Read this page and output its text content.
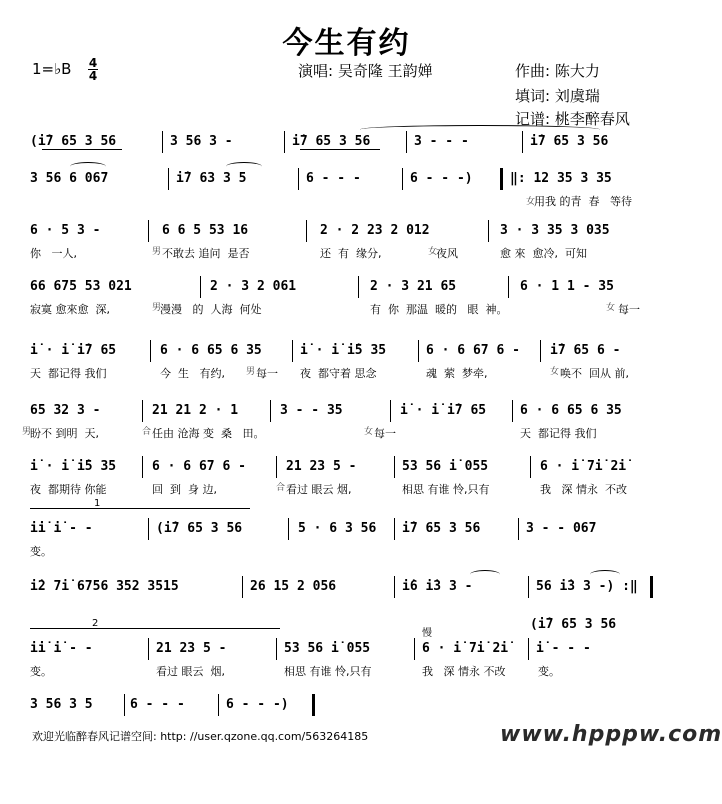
今生有约
1=♭B 4
4	演唱: 吴奇隆 王韵婵	作曲: 陈大力
填词: 刘虞瑞
记谱: 桃李醉春风

(i̇7 65 3 56

	3 56 3 -

	i̇7 65 3 56

	3 - - -

	i̇7 65 3 56

3 56 6 067

	i̇7 63 3 5

	6 - - -

	6 - - -)

	‖: 12 35 3 35

女

用我 的青  春   等待

6 · 5 3 -

	6 6 5 53 16

	2 · 2 23 2 012

	3 · 3 35 3 035

你   一人,

	男

不敢去 追问  是否

	还  有  缘分,

	女

夜风

	愈 來  愈冷,  可知

66 675 53 021

	2 · 3 2 061

	2 · 3 21 65

	6 · 1 1 - 35

寂寞 愈來愈  深,

	男

漫漫   的  人海  何处

	有  你  那温  暖的   眼  神。

	女

每一

i̇ · i̇ i̇7 65

	6 · 6 65 6 35

	i̇ · i̇ i̇5 35

	6 · 6 67 6 -

i̇7 65 6 -

天  都记得 我们

	今  生   有约,

男

每一

夜  都守着 思念

	魂  萦  梦牵,

	女

唤不  回从 前,

65 32 3 -

	21 21 2 · 1

	3 - - 35

	i̇ · i̇ i̇7 65

	6 · 6 65 6 35

男

盼不 到明  天,

	合

任由 沧海 变  桑   田。

	女

每一

	天  都记得 我们

i̇ · i̇ i̇5 35

	6 · 6 67 6 -

	21 23 5 -

	53 56 i̇ 055

	6 · i̇ 7i̇ 2i̇

夜  都期待 你能

	回  到  身 边,

	合

看过 眼云 烟,

	相思 有谁 怜,只有

	我   深 情永  不改

1

i̇i̇ i̇ - -

	(i̇7 65 3 56

	5 · 6 3 56

i̇7 65 3 56

	3 - - 067

变。

i̇2 7i̇ 6756 352 3515

	26 15 2 056

	i̇6 i̇3 3 -

	56 i̇3 3 -) :‖

2
慢

i̇i̇ i̇ - -

	21 23 5 -

	53 56 i̇ 055

	6 · i̇ 7i̇ 2i̇

i̇ - - -

(i̇7 65 3 56

变。

	看过 眼云  烟,

	相思 有谁 怜,只有

	我   深 情永 不改

	变。

3 56 3 5

	6 - - -

	6 - - -)

欢迎光临醉春风记谱空间: http: //user.qzone.qq.com/563264185	www.hpppw.com
